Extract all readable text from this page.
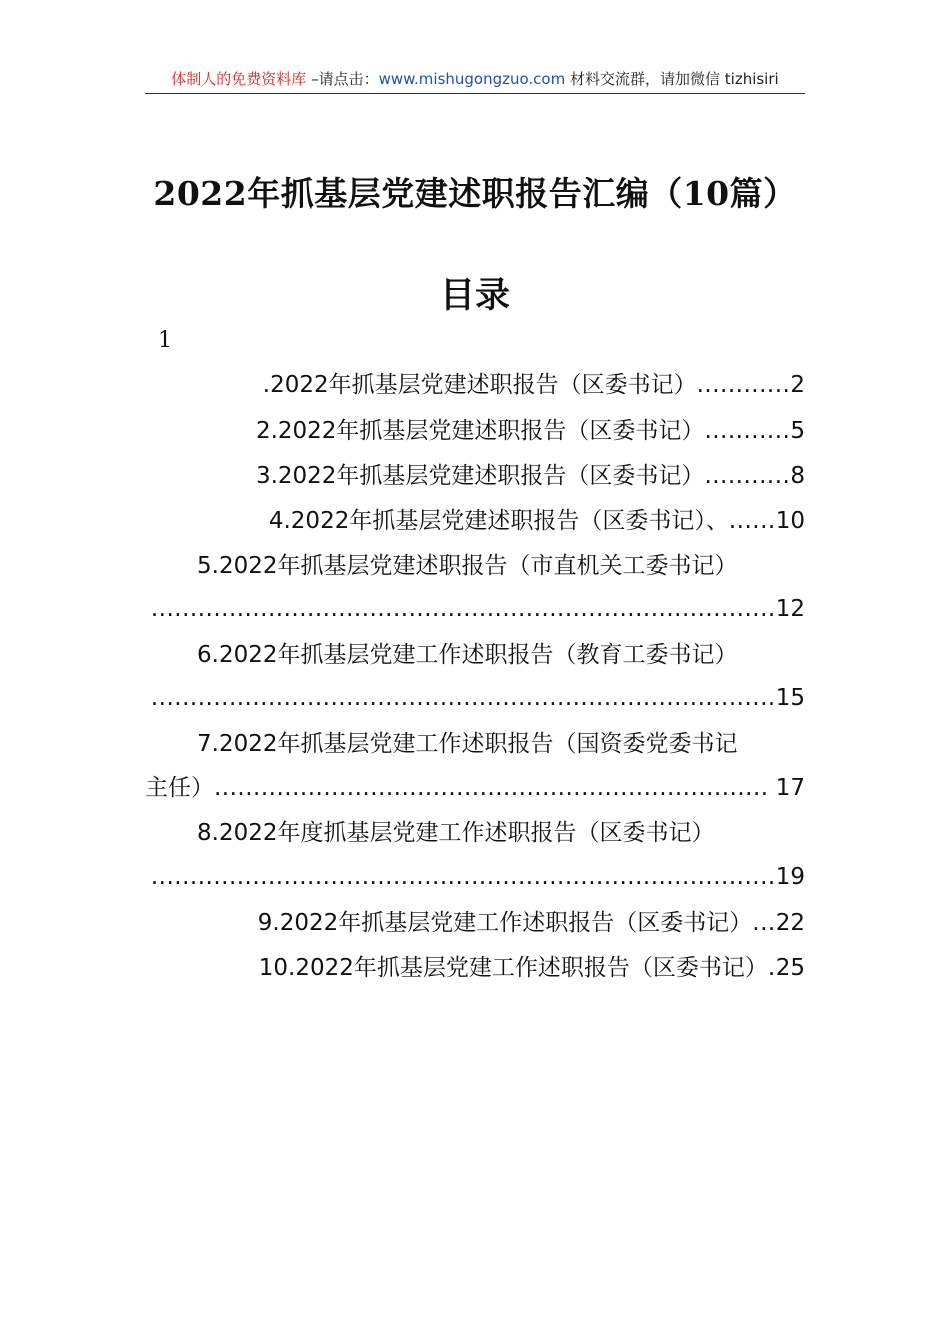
体制人的免费资料库 –请点击：www.mishugongzuo.com 材料交流群，请加微信 tizhisiri
2022年抓基层党建述职报告汇编（10篇）
目录
1
.2022年抓基层党建述职报告（区委书记）............2
2.2022年抓基层党建述职报告（区委书记）...........5
3.2022年抓基层党建述职报告（区委书记）...........8
4.2022年抓基层党建述职报告（区委书记）、......10
5.2022年抓基层党建述职报告（市直机关工委书记）
................................................................................12
6.2022年抓基层党建工作述职报告（教育工委书记）
................................................................................15
7.2022年抓基层党建工作述职报告（国资委党委书记
主任）....................................................................... 17
8.2022年度抓基层党建工作述职报告（区委书记）
................................................................................19
9.2022年抓基层党建工作述职报告（区委书记）...22
10.2022年抓基层党建工作述职报告（区委书记）.25
